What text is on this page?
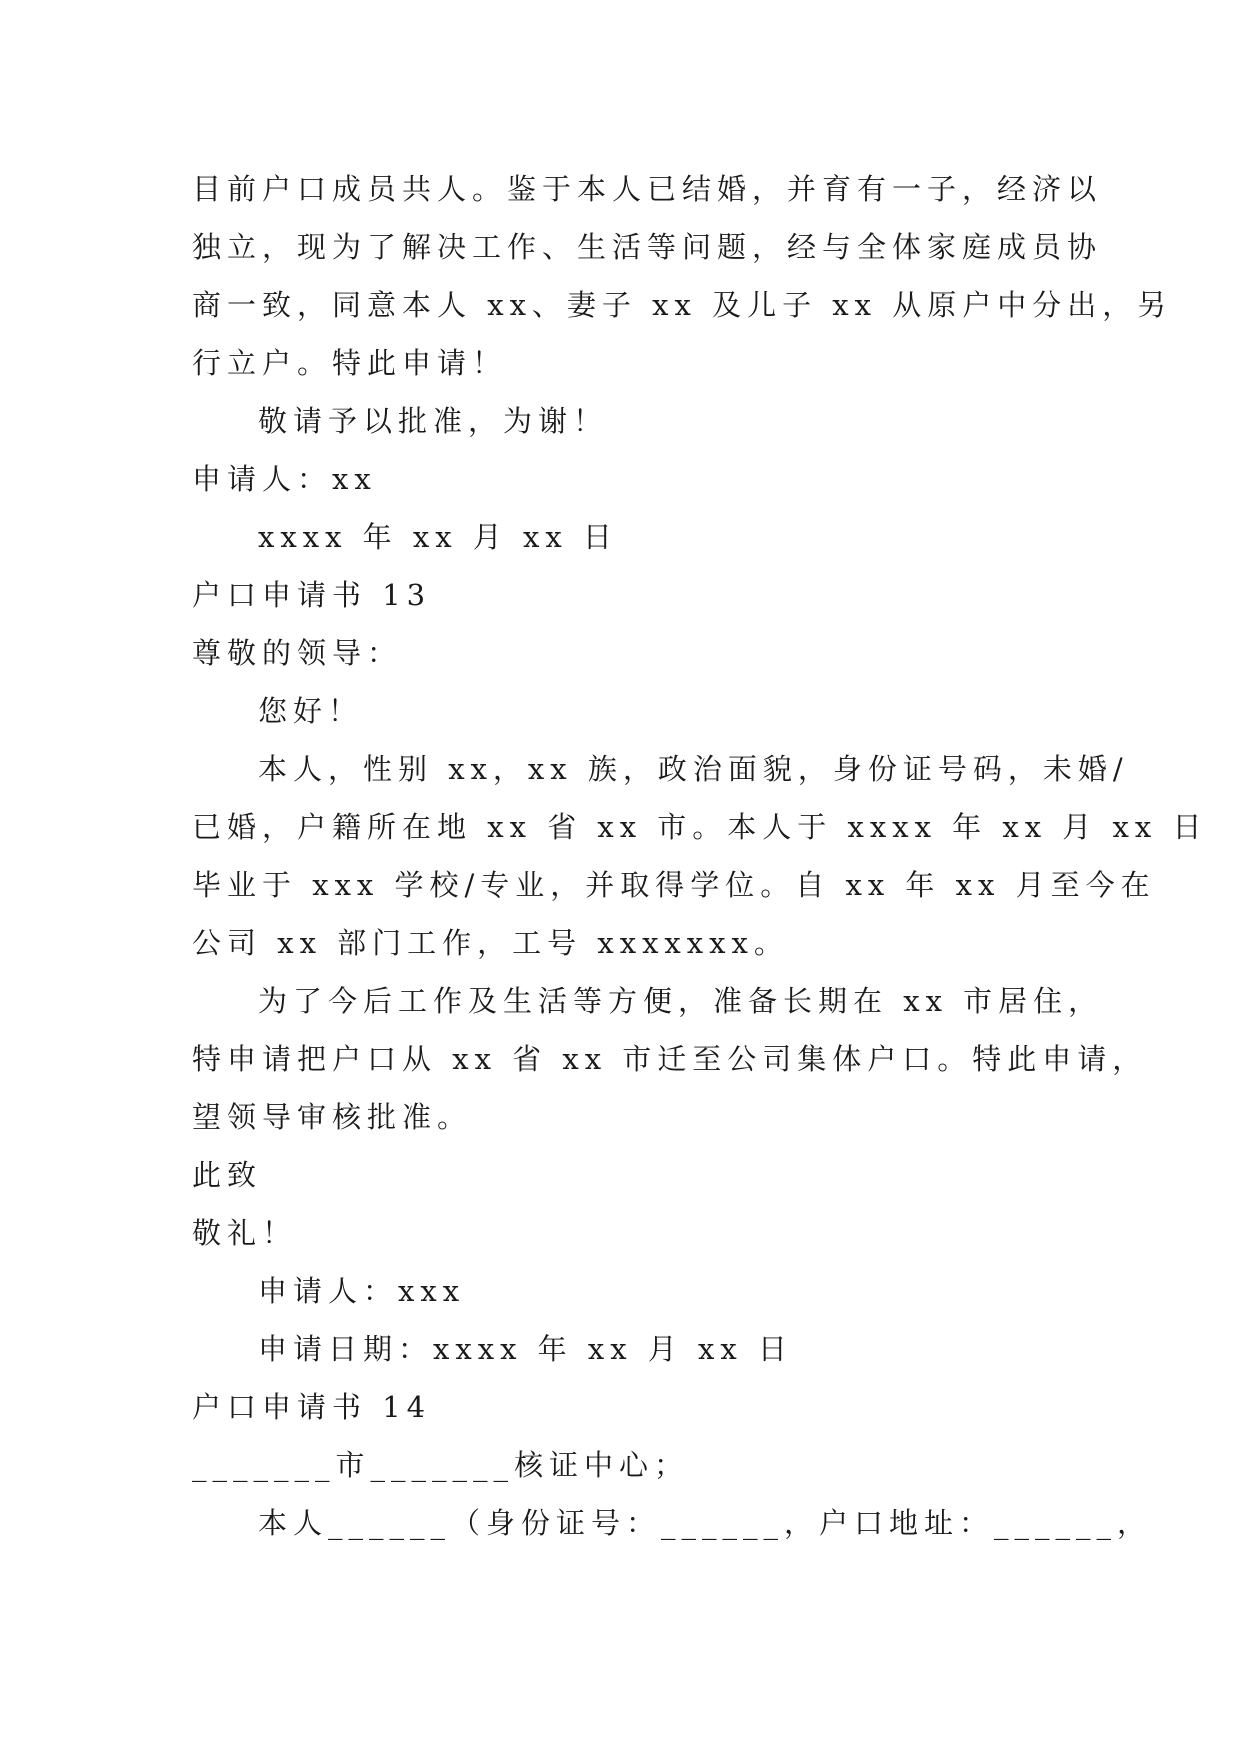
目前户口成员共人。鉴于本人已结婚，并育有一子，经济以
独立，现为了解决工作、生活等问题，经与全体家庭成员协
商一致，同意本人 xx、妻子 xx 及儿子 xx 从原户中分出，另
行立户。特此申请！
敬请予以批准，为谢！
申请人：xx
xxxx 年 xx 月 xx 日
户口申请书 13
尊敬的领导：
您好！
本人，性别 xx，xx 族，政治面貌，身份证号码，未婚/
已婚，户籍所在地 xx 省 xx 市。本人于 xxxx 年 xx 月 xx 日
毕业于 xxx 学校/专业，并取得学位。自 xx 年 xx 月至今在
公司 xx 部门工作，工号 xxxxxxx。
为了今后工作及生活等方便，准备长期在 xx 市居住，
特申请把户口从 xx 省 xx 市迁至公司集体户口。特此申请，
望领导审核批准。
此致
敬礼！
申请人：xxx
申请日期：xxxx 年 xx 月 xx 日
户口申请书 14
_______市_______核证中心；
本人______（身份证号：______，户口地址：______，
